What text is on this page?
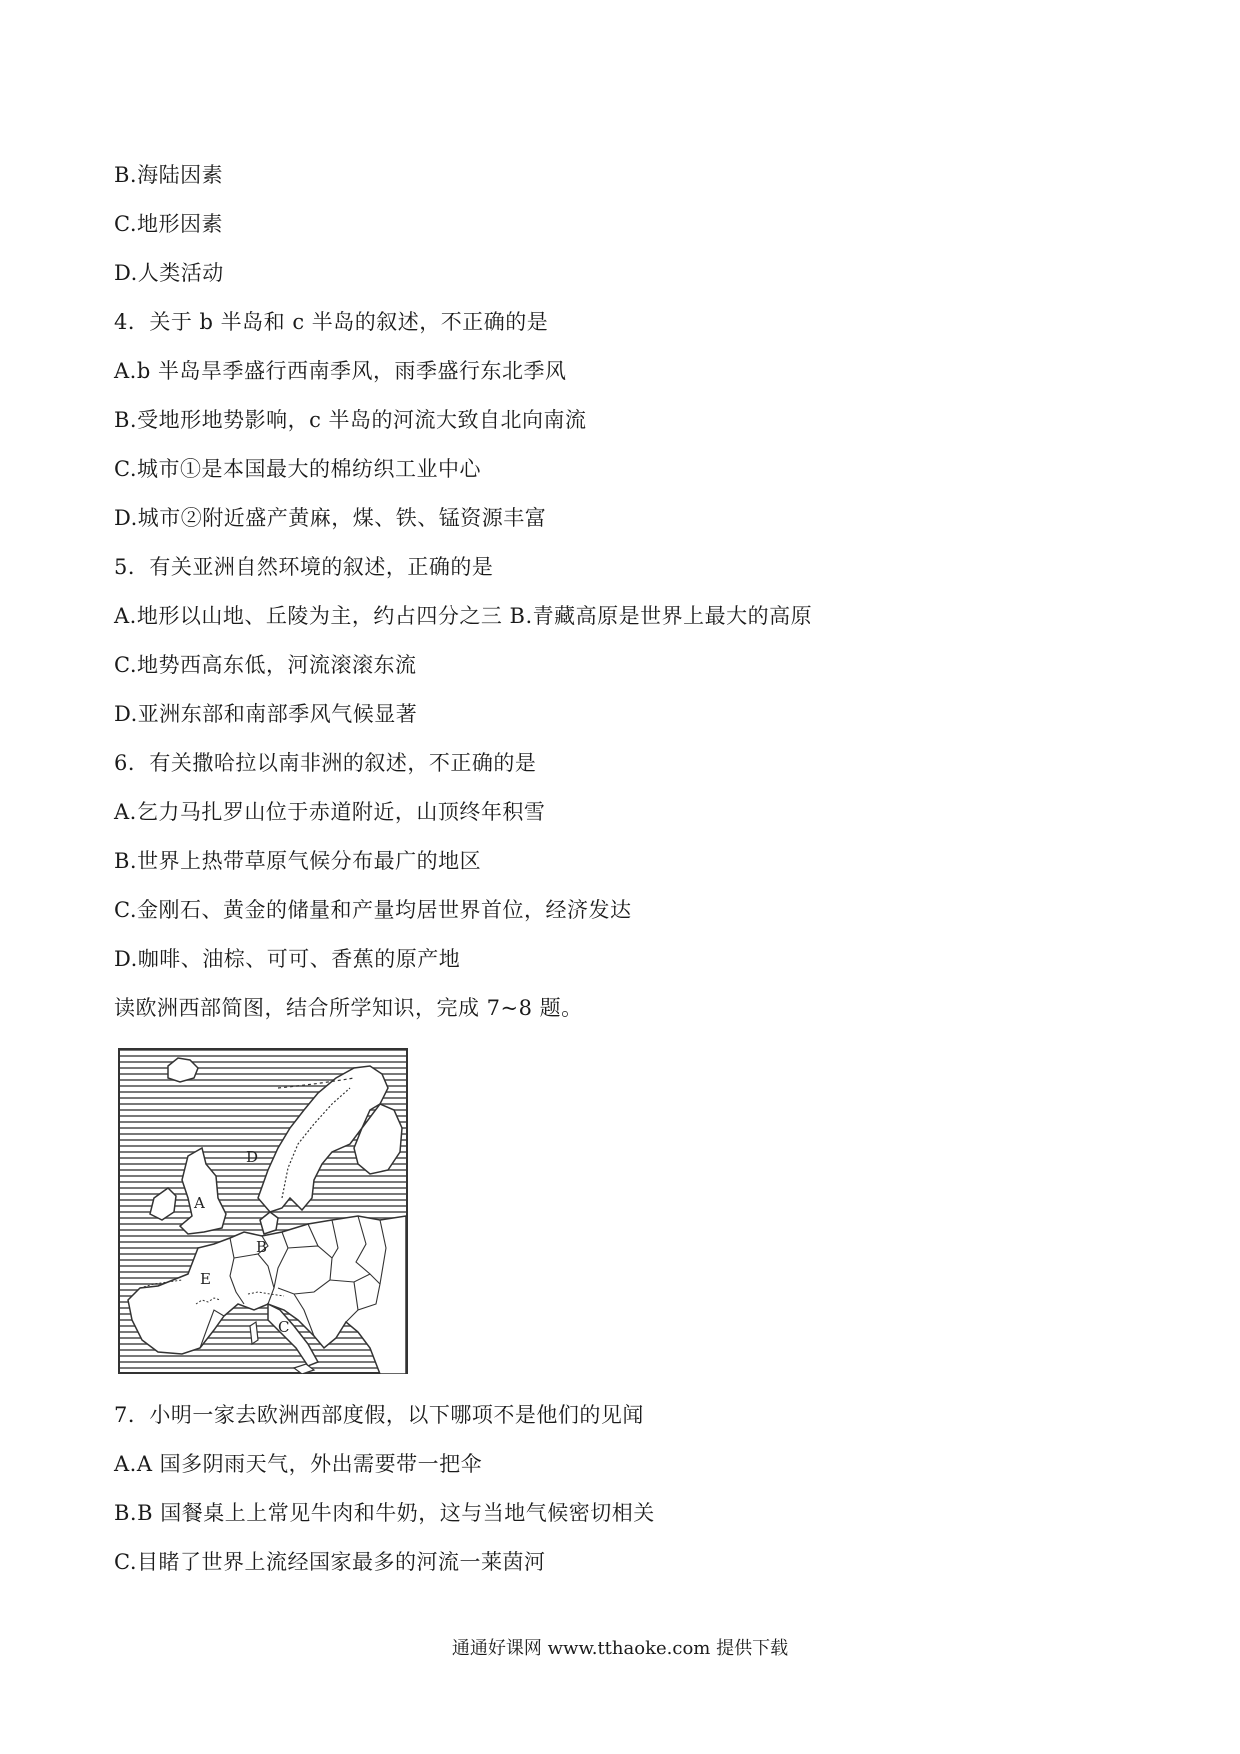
B.海陆因素
C.地形因素
D.人类活动
4．关于 b 半岛和 c 半岛的叙述，不正确的是
A.b 半岛旱季盛行西南季风，雨季盛行东北季风
B.受地形地势影响，c 半岛的河流大致自北向南流
C.城市①是本国最大的棉纺织工业中心
D.城市②附近盛产黄麻，煤、铁、锰资源丰富
5．有关亚洲自然环境的叙述，正确的是
A.地形以山地、丘陵为主，约占四分之三 B.青藏高原是世界上最大的高原
C.地势西高东低，河流滚滚东流
D.亚洲东部和南部季风气候显著
6．有关撒哈拉以南非洲的叙述，不正确的是
A.乞力马扎罗山位于赤道附近，山顶终年积雪
B.世界上热带草原气候分布最广的地区
C.金刚石、黄金的储量和产量均居世界首位，经济发达
D.咖啡、油棕、可可、香蕉的原产地
读欧洲西部简图，结合所学知识，完成 7~8 题。
D
A
B
E
C
7．小明一家去欧洲西部度假，以下哪项不是他们的见闻
A.A 国多阴雨天气，外出需要带一把伞
B.B 国餐桌上上常见牛肉和牛奶，这与当地气候密切相关
C.目睹了世界上流经国家最多的河流一莱茵河
通通好课网 www.tthaoke.com 提供下载
